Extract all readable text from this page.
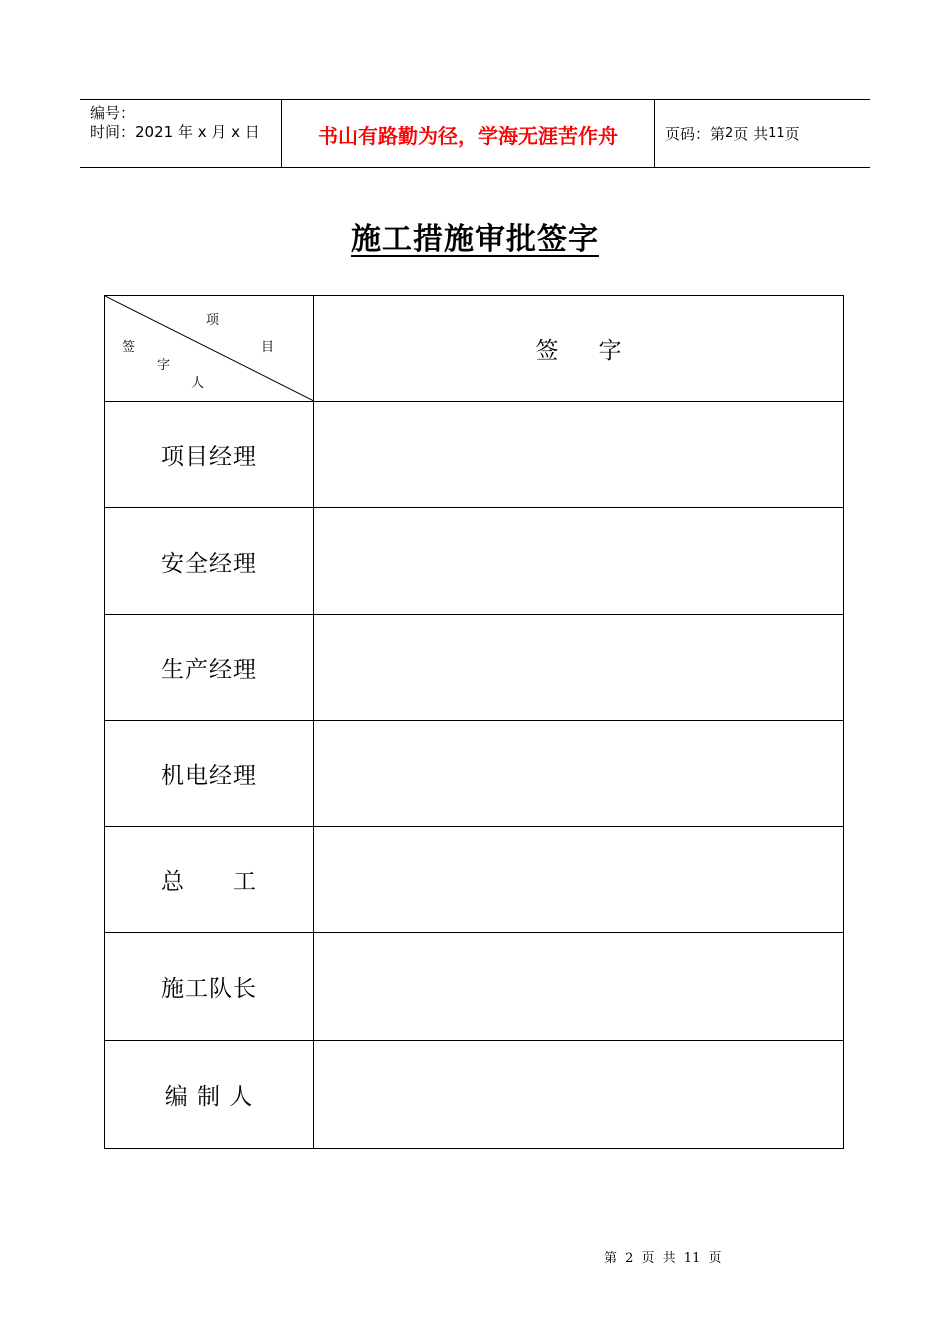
编号：
时间：2021 年 x 月 x 日	书山有路勤为径，学海无涯苦作舟	页码：第 2 页 共 11 页
施工措施审批签字
项
目
签
字
人
签字
项目经理
安全经理
生产经理
机电经理
总　　工
施工队长
编 制 人
第 2 页 共 11 页
